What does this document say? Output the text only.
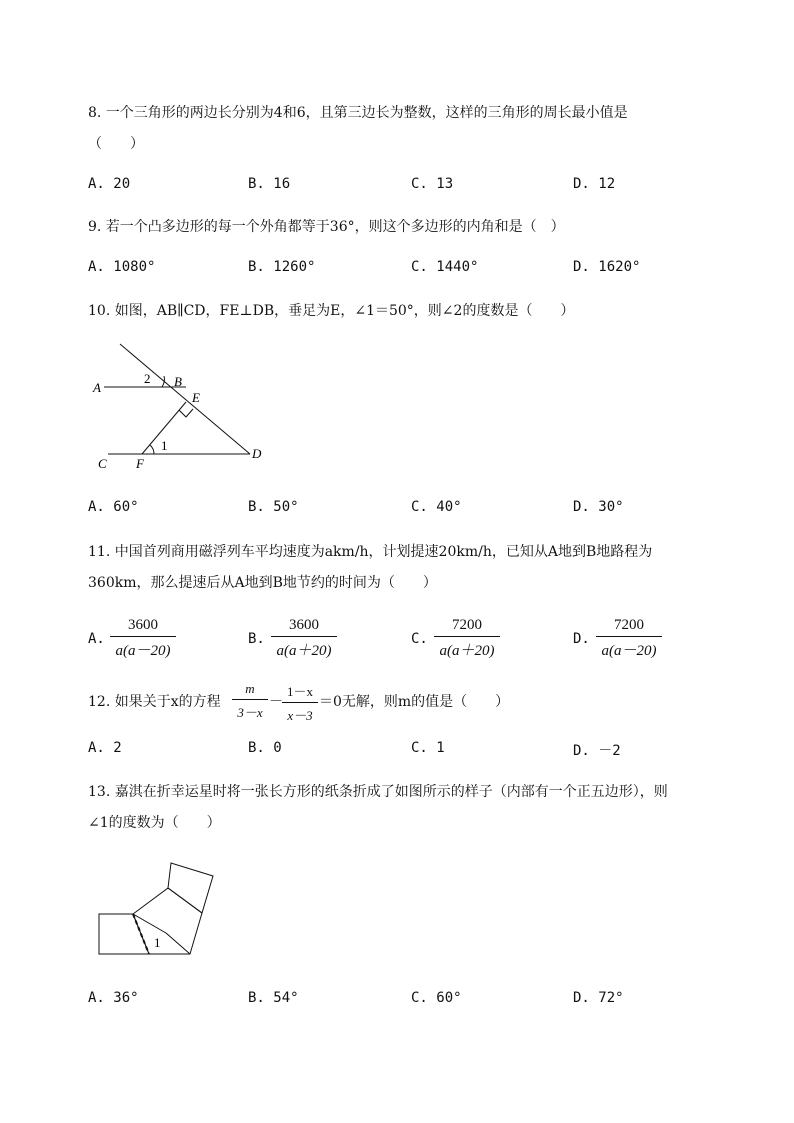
8. 一个三角形的两边长分别为4和6，且第三边长为整数，这样的三角形的周长最小值是
（　　）
A. 20	B. 16	C. 13	D. 12
9. 若一个凸多边形的每一个外角都等于36°，则这个多边形的内角和是（　）
A. 1080°	B. 1260°	C. 1440°	D. 1620°
10. 如图，AB∥CD，FE⊥DB，垂足为E，∠1＝50°，则∠2的度数是（　　）
A	B
E
C F
D
1
2
A. 60°	B. 50°	C. 40°	D. 30°
11. 中国首列商用磁浮列车平均速度为akm/h，计划提速20km/h，已知从A地到B地路程为
360km，那么提速后从A地到B地节约的时间为（　　）
A.
3600
a(a－20)
B.
3600
a(a＋20)
C.
7200
a(a＋20)
D.
7200
a(a－20)
12. 如果关于x的方程
m
3－x
－
1－x
x－3
＝0无解，则m的值是（　　）
A. 2	B. 0	C. 1	D. －2
13. 嘉淇在折幸运星时将一张长方形的纸条折成了如图所示的样子（内部有一个正五边形），则
∠1的度数为（　　）
1
A. 36°	B. 54°	C. 60°	D. 72°
